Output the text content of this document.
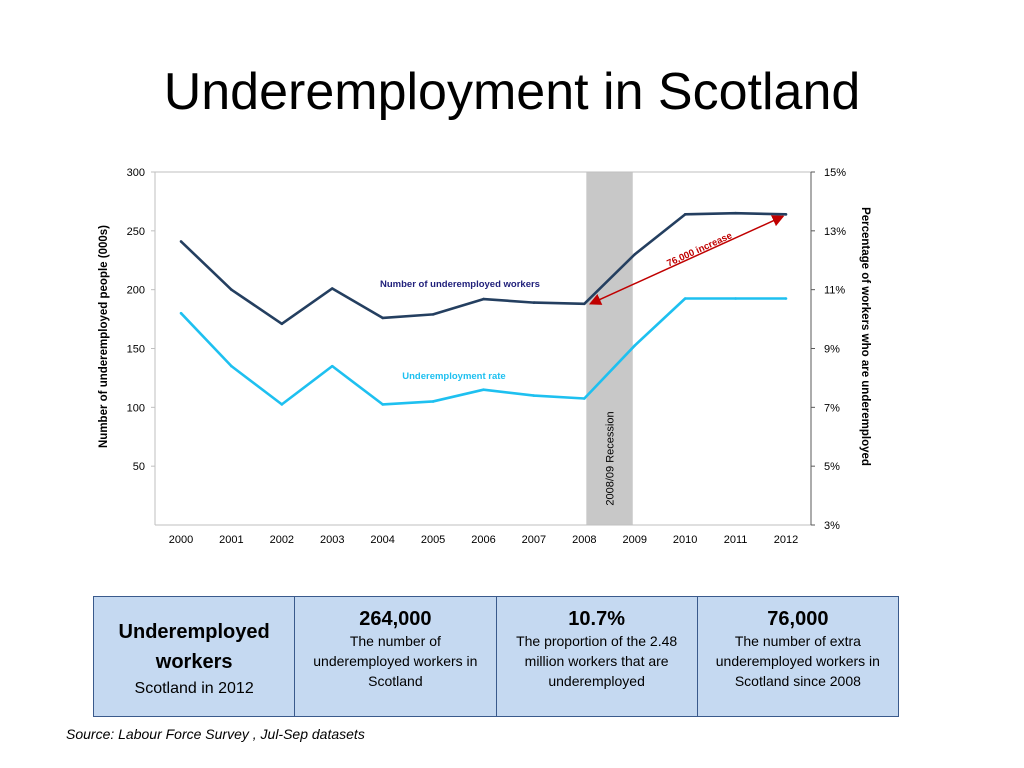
Underemployment in Scotland
2008/09 Recession
300
250
200
150
100
50
15%
13%
11%
9%
7%
5%
3%
2000 2001 2002 2003 2004 2005 2006 2007 2008 2009 2010 2011 2012
Number of underemployed people (000s)	Percentage of workers who are underemployed
Number of underemployed workers
Underemployment rate
76,000 increase
Underemployed workers
Scotland in 2012
264,000
The number of underemployed workers in Scotland
10.7%
The proportion of the 2.48 million workers that are underemployed
76,000
The number of extra underemployed workers in Scotland since 2008
Source: Labour Force Survey , Jul-Sep datasets
